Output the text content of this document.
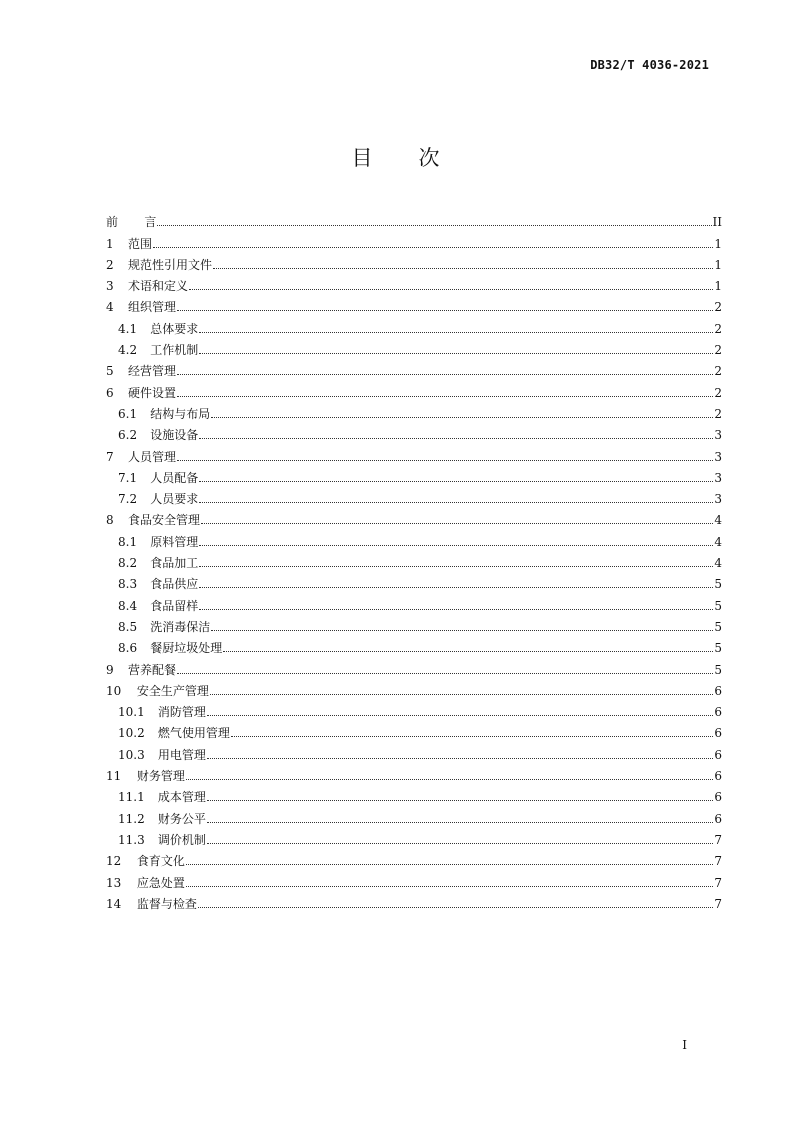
DB32/T 4036-2021
目 次
前 言	II
1 范围	1
2 规范性引用文件	1
3 术语和定义	1
4 组织管理	2
4.1 总体要求	2
4.2 工作机制	2
5 经营管理	2
6 硬件设置	2
6.1 结构与布局	2
6.2 设施设备	3
7 人员管理	3
7.1 人员配备	3
7.2 人员要求	3
8 食品安全管理	4
8.1 原料管理	4
8.2 食品加工	4
8.3 食品供应	5
8.4 食品留样	5
8.5 洗消毒保洁	5
8.6 餐厨垃圾处理	5
9 营养配餐	5
10 安全生产管理	6
10.1 消防管理	6
10.2 燃气使用管理	6
10.3 用电管理	6
11 财务管理	6
11.1 成本管理	6
11.2 财务公平	6
11.3 调价机制	7
12 食育文化	7
13 应急处置	7
14 监督与检查	7
I
